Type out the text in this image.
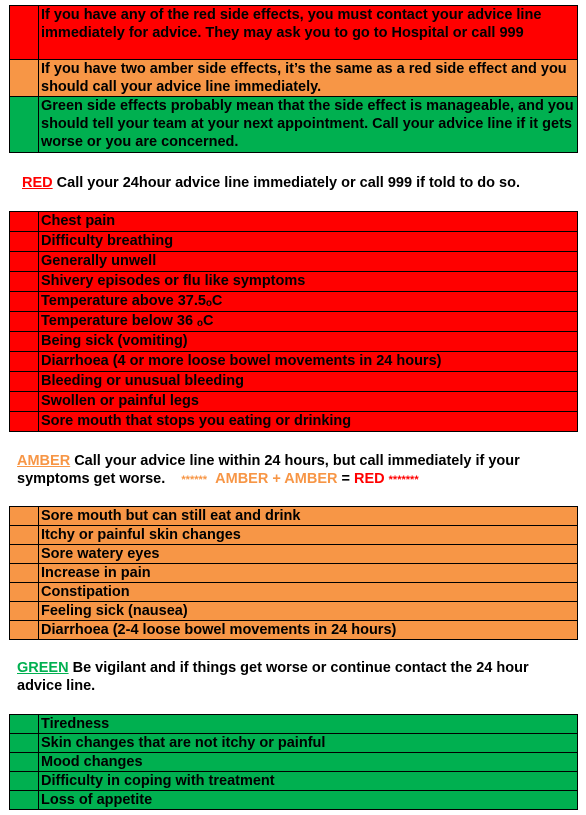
	If you have any of the red side effects, you must contact your advice line immediately for advice. They may ask you to go to Hospital or call 999
	If you have two amber side effects, it’s the same as a red side effect and you should call your advice line immediately.
	Green side effects probably mean that the side effect is manageable, and you should tell your team at your next appointment. Call your advice line if it gets worse or you are concerned.
RED Call your 24hour advice line immediately or call 999 if told to do so.
	Chest pain
	Difficulty breathing
	Generally unwell
	Shivery episodes or flu like symptoms
	Temperature above 37.5ₒC
	Temperature below 36 ₒC
	Being sick (vomiting)
	Diarrhoea (4 or more loose bowel movements in 24 hours)
	Bleeding or unusual bleeding
	Swollen or painful legs
	Sore mouth that stops you eating or drinking
AMBER Call your advice line within 24 hours, but call immediately if your symptoms get worse. ****** AMBER + AMBER = RED *******
	Sore mouth but can still eat and drink
	Itchy or painful skin changes
	Sore watery eyes
	Increase in pain
	Constipation
	Feeling sick (nausea)
	Diarrhoea (2-4 loose bowel movements in 24 hours)
GREEN Be vigilant and if things get worse or continue contact the 24 hour advice line.
	Tiredness
	Skin changes that are not itchy or painful
	Mood changes
	Difficulty in coping with treatment
	Loss of appetite
